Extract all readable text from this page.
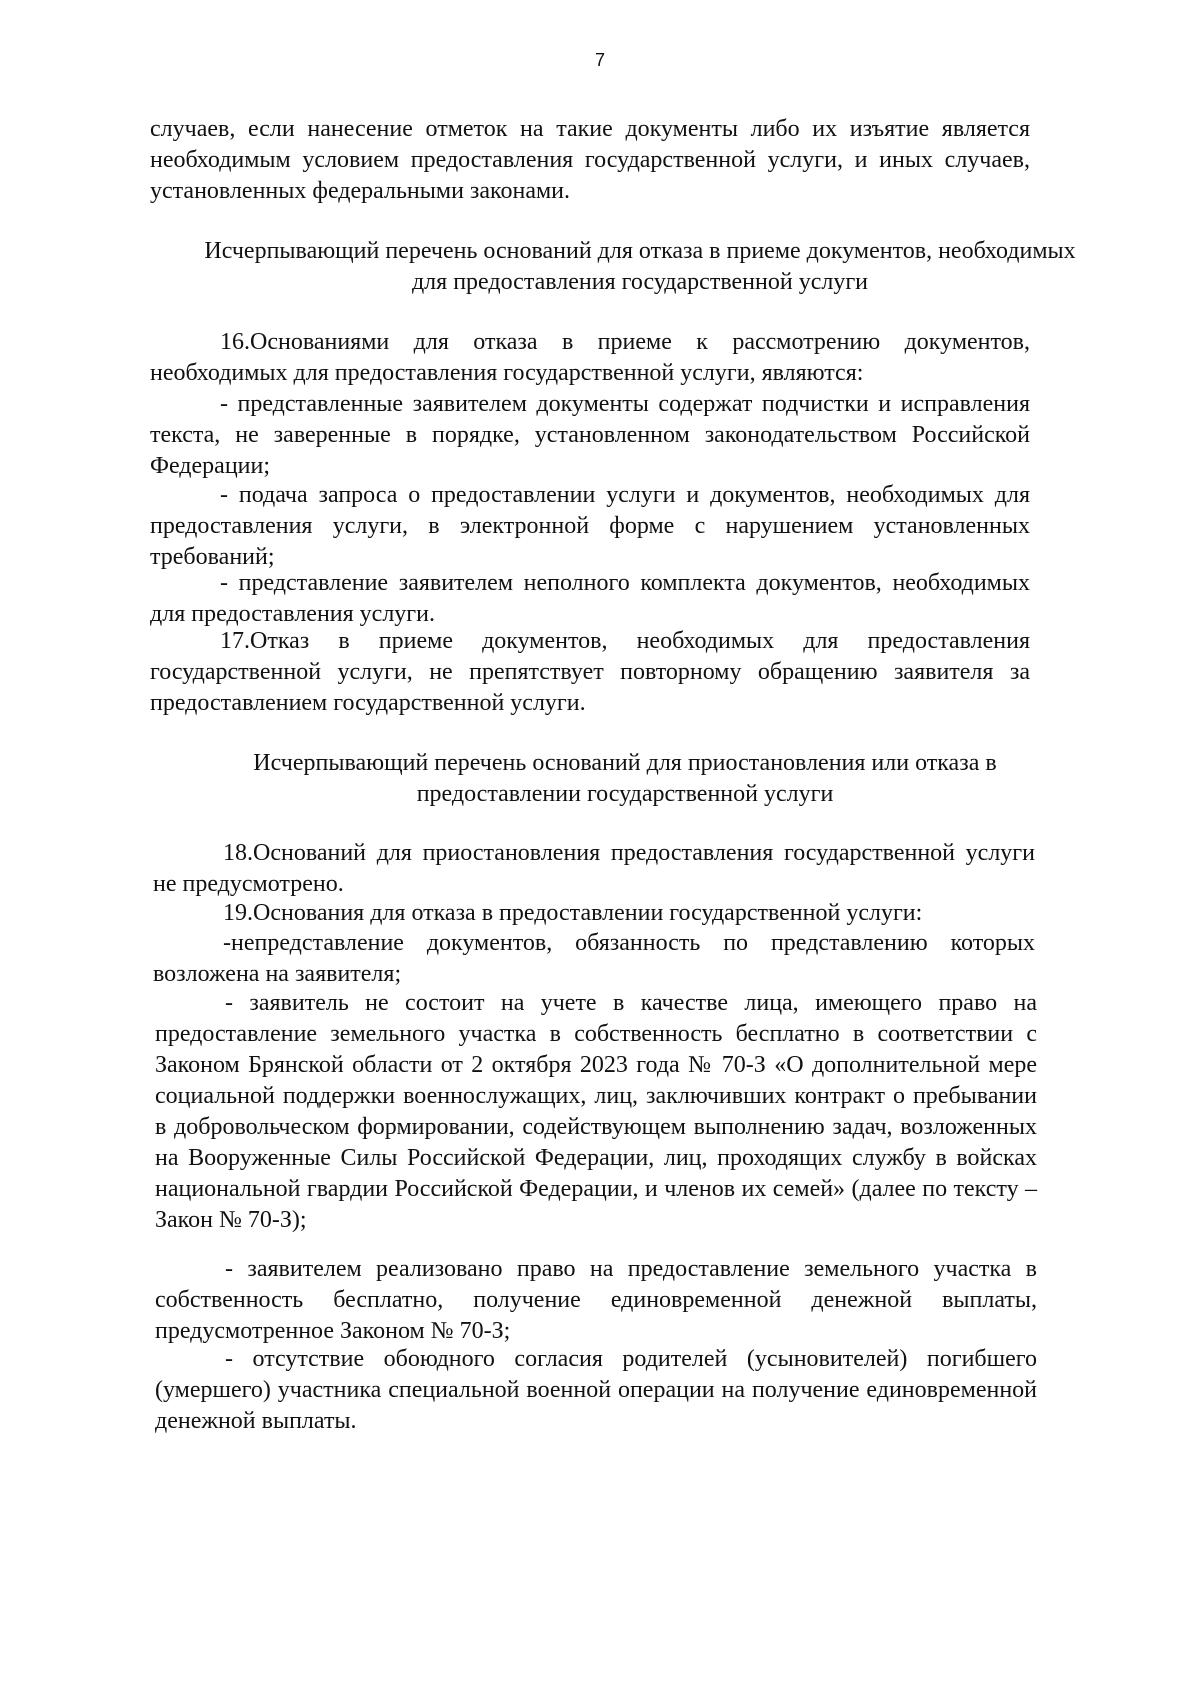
7

случаев, если нанесение отметок на такие документы либо их изъятие является необходимым условием предоставления государственной услуги, и иных случаев, установленных федеральными законами.

Исчерпывающий перечень оснований для отказа в приеме документов, необходимых для предоставления государственной услуги

16.Основаниями для отказа в приеме к рассмотрению документов, необходимых для предоставления государственной услуги, являются:

- представленные заявителем документы содержат подчистки и исправления текста, не заверенные в порядке, установленном законодательством Российской Федерации;

- подача запроса о предоставлении услуги и документов, необходимых для предоставления услуги, в электронной форме с нарушением установленных требований;

- представление заявителем неполного комплекта документов, необходимых для предоставления услуги.

17.Отказ в приеме документов, необходимых для предоставления государственной услуги, не препятствует повторному обращению заявителя за предоставлением государственной услуги.

Исчерпывающий перечень оснований для приостановления или отказа в предоставлении государственной услуги

18.Оснований для приостановления предоставления государственной услуги не предусмотрено.

19.Основания для отказа в предоставлении государственной услуги:

-непредставление документов, обязанность по представлению которых возложена на заявителя;

- заявитель не состоит на учете в качестве лица, имеющего право на предоставление земельного участка в собственность бесплатно в соответствии с Законом Брянской области от 2 октября 2023 года № 70-З «О дополнительной мере социальной поддержки военнослужащих, лиц, заключивших контракт о пребывании в добровольческом формировании, содействующем выполнению задач, возложенных на Вооруженные Силы Российской Федерации, лиц, проходящих службу в войсках национальной гвардии Российской Федерации, и членов их семей» (далее по тексту – Закон № 70-З);

- заявителем реализовано право на предоставление земельного участка в собственность бесплатно, получение единовременной денежной выплаты, предусмотренное Законом № 70-З;

- отсутствие обоюдного согласия родителей (усыновителей) погибшего (умершего) участника специальной военной операции на получение единовременной денежной выплаты.
